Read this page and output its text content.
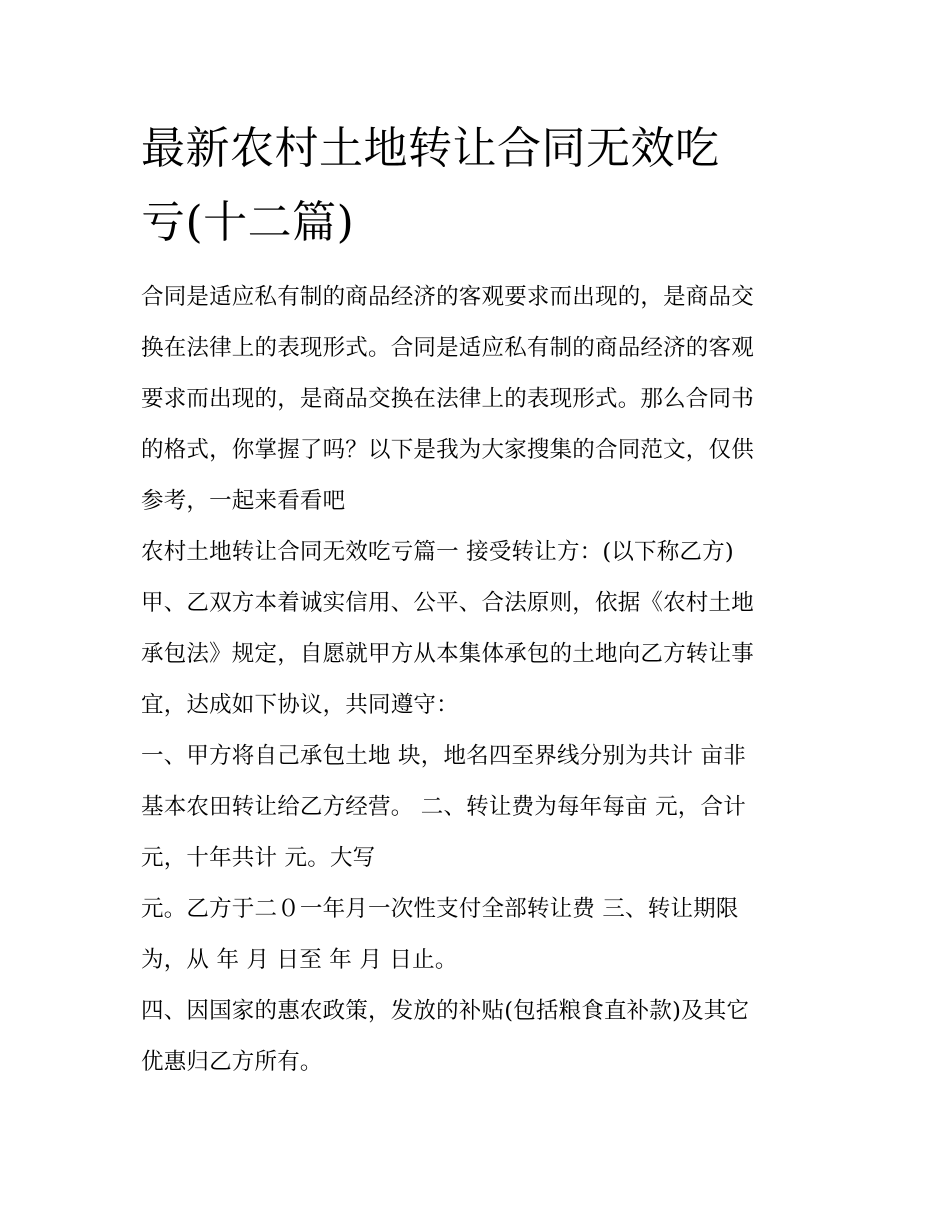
最新农村土地转让合同无效吃
亏(十二篇)

合同是适应私有制的商品经济的客观要求而出现的，是商品交
换在法律上的表现形式。合同是适应私有制的商品经济的客观
要求而出现的，是商品交换在法律上的表现形式。那么合同书
的格式，你掌握了吗？以下是我为大家搜集的合同范文，仅供
参考，一起来看看吧

农村土地转让合同无效吃亏篇一 接受转让方：(以下称乙方)

甲、乙双方本着诚实信用、公平、合法原则，依据《农村土地
承包法》规定，自愿就甲方从本集体承包的土地向乙方转让事
宜，达成如下协议，共同遵守：

一、甲方将自己承包土地 块，地名四至界线分别为共计 亩非
基本农田转让给乙方经营。 二、转让费为每年每亩 元，合计
元，十年共计 元。大写

元。乙方于二０一年月一次性支付全部转让费 三、转让期限
为，从 年 月 日至 年 月 日止。

四、因国家的惠农政策，发放的补贴(包括粮食直补款)及其它
优惠归乙方所有。
